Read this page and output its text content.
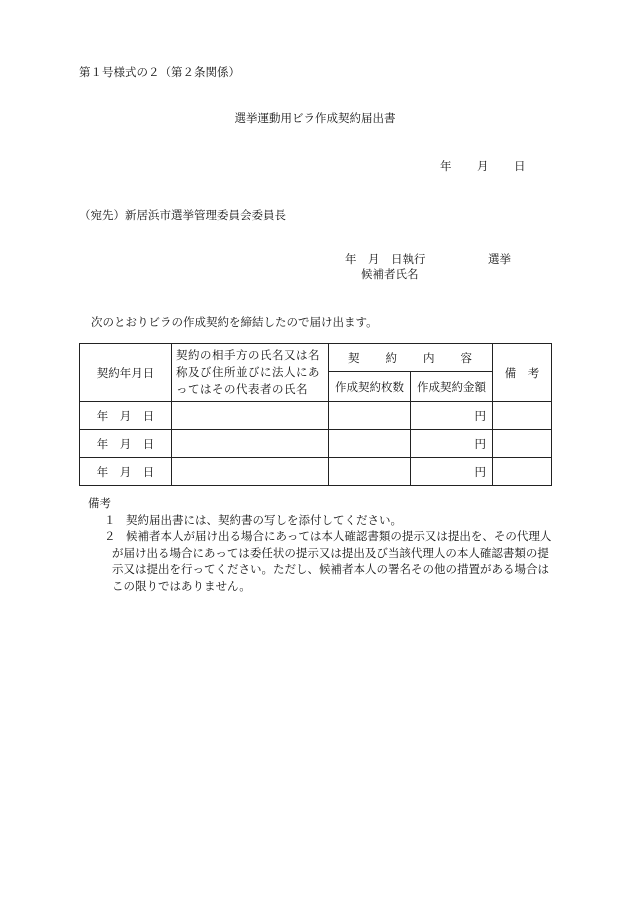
第１号様式の２（第２条関係）
選挙運動用ビラ作成契約届出書
年 月 日
（宛先）新居浜市選挙管理委員会委員長
年　月　日執行	選挙
候補者氏名
次のとおりビラの作成契約を締結したので届け出ます。
契約年月日	契約の相手方の氏名又は名称及び住所並びに法人にあってはその代表者の氏名	契　　約　　内　　容		備　考
		作成契約枚数	作成契約金額	
年　月　日			円	
年　月　日			円	
年　月　日			円	
備考
１ 契約届出書には、契約書の写しを添付してください。
２ 候補者本人が届け出る場合にあっては本人確認書類の提示又は提出を、その代理人が届け出る場合にあっては委任状の提示又は提出及び当該代理人の本人確認書類の提示又は提出を行ってください。ただし、候補者本人の署名その他の措置がある場合はこの限りではありません。
